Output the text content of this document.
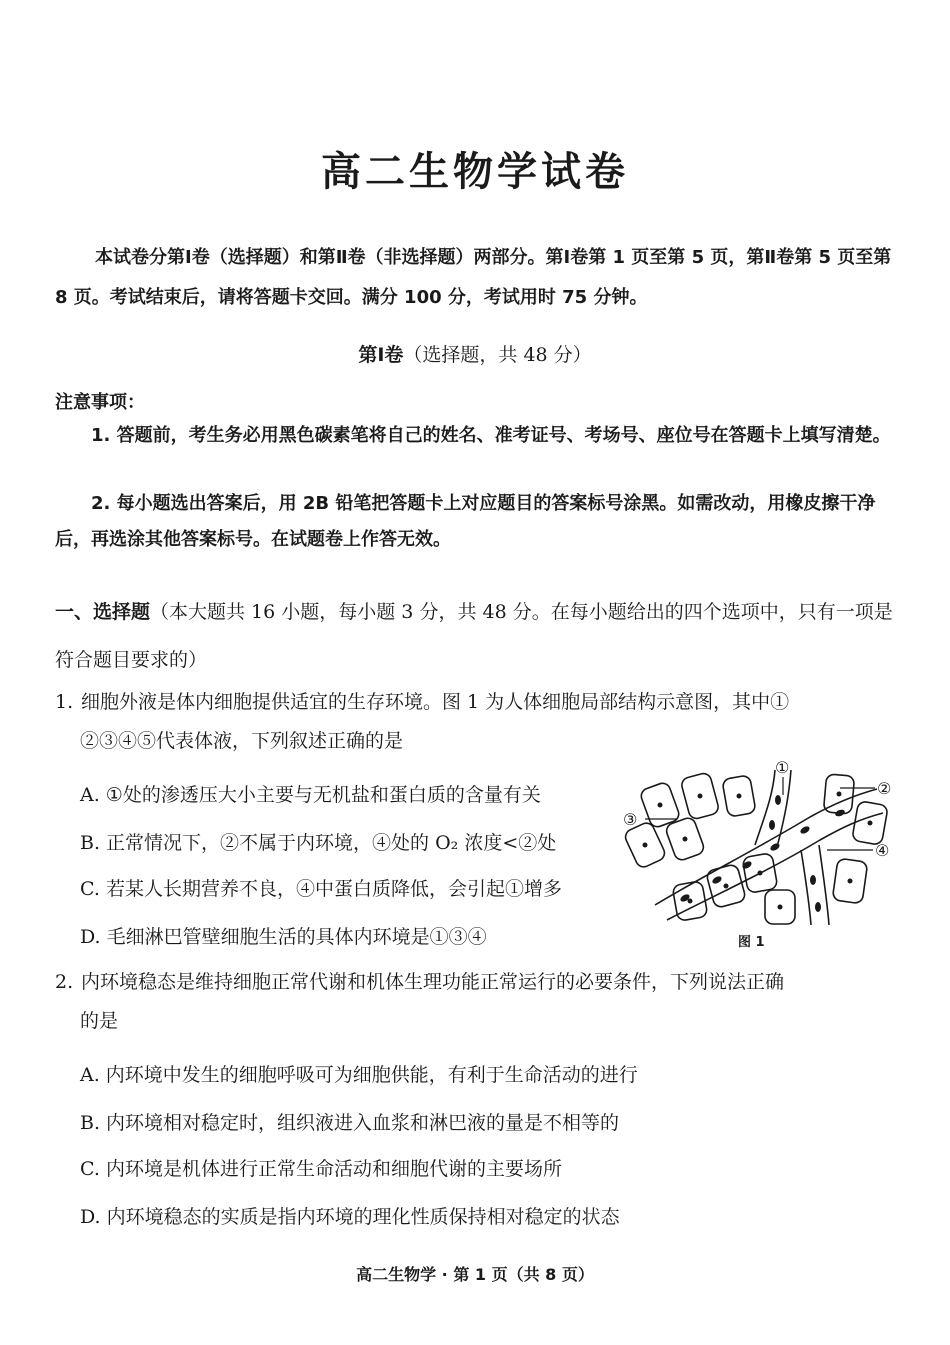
高二生物学试卷
本试卷分第Ⅰ卷（选择题）和第Ⅱ卷（非选择题）两部分。第Ⅰ卷第 1 页至第 5 页，第Ⅱ卷第 5 页至第 8 页。考试结束后，请将答题卡交回。满分 100 分，考试用时 75 分钟。
第Ⅰ卷（选择题，共 48 分）
注意事项：
1. 答题前，考生务必用黑色碳素笔将自己的姓名、准考证号、考场号、座位号在答题卡上填写清楚。
2. 每小题选出答案后，用 2B 铅笔把答题卡上对应题目的答案标号涂黑。如需改动，用橡皮擦干净后，再选涂其他答案标号。在试题卷上作答无效。
一、选择题（本大题共 16 小题，每小题 3 分，共 48 分。在每小题给出的四个选项中，只有一项是符合题目要求的）
1. 细胞外液是体内细胞提供适宜的生存环境。图 1 为人体细胞局部结构示意图，其中①
②③④⑤代表体液，下列叙述正确的是
A. ①处的渗透压大小主要与无机盐和蛋白质的含量有关
B. 正常情况下，②不属于内环境，④处的 O₂ 浓度<②处
C. 若某人长期营养不良，④中蛋白质降低，会引起①增多
D. 毛细淋巴管壁细胞生活的具体内环境是①③④
①
②
③
④
图 1
2. 内环境稳态是维持细胞正常代谢和机体生理功能正常运行的必要条件，下列说法正确
的是
A. 内环境中发生的细胞呼吸可为细胞供能，有利于生命活动的进行
B. 内环境相对稳定时，组织液进入血浆和淋巴液的量是不相等的
C. 内环境是机体进行正常生命活动和细胞代谢的主要场所
D. 内环境稳态的实质是指内环境的理化性质保持相对稳定的状态
高二生物学 · 第 1 页（共 8 页）
